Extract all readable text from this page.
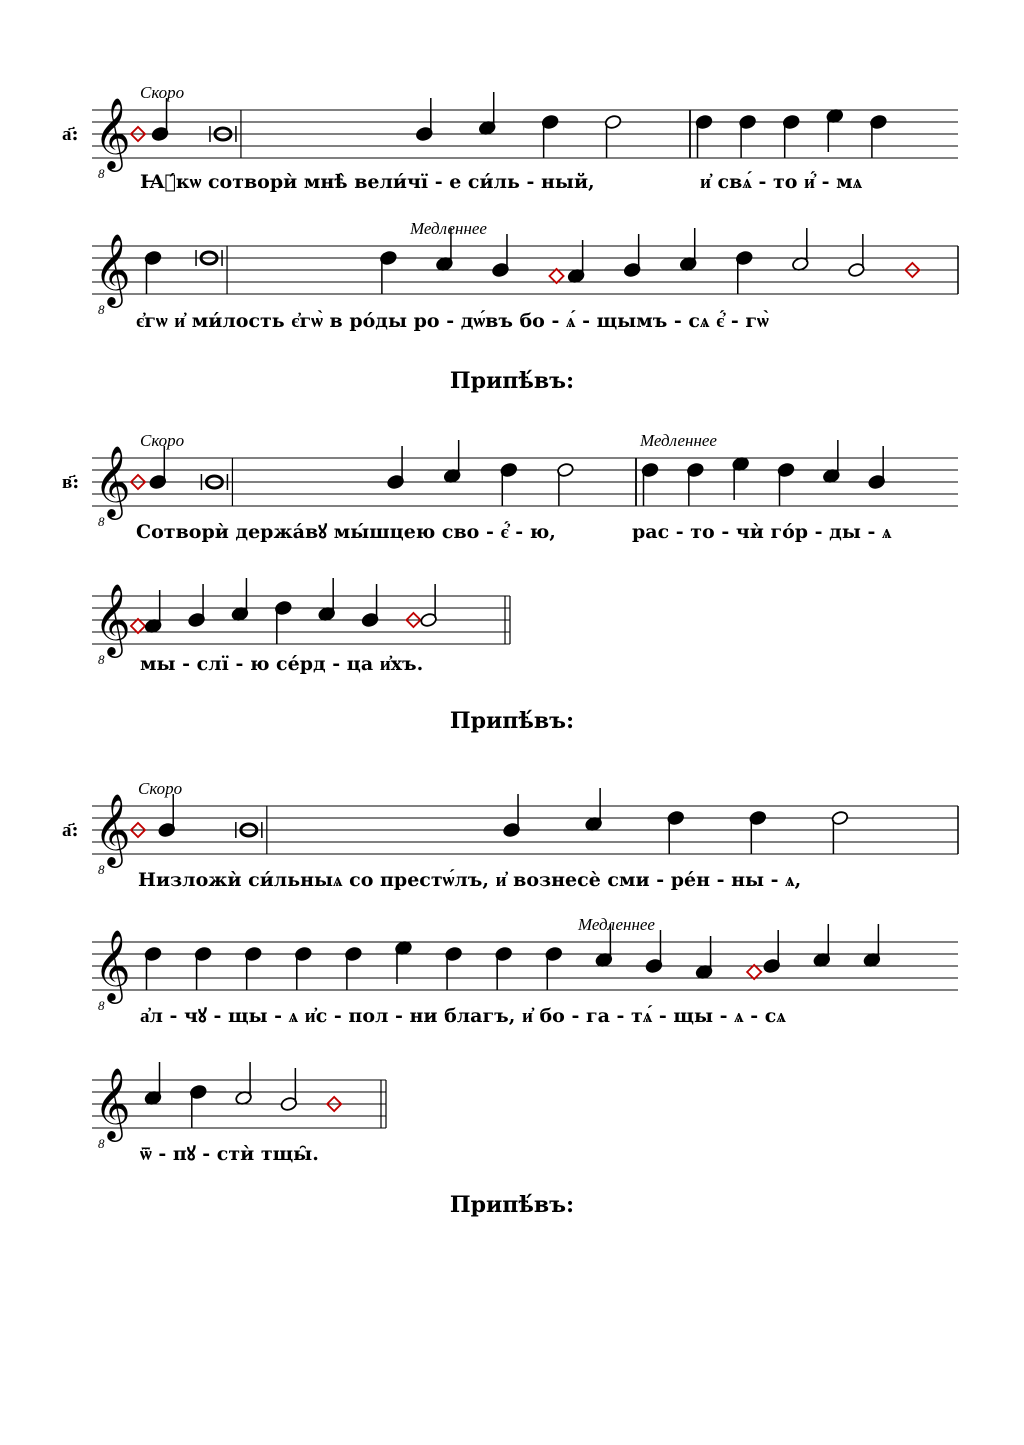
𝄞
8
а҃:
Скоро
Ꙗ҆́кѡ сотворѝ мнѣ̀ вели́чї - е си́ль - ный,	и҆ свѧ́ - то и҆́ - мѧ
𝄞
8
Медленнее
є҆гѡ и҆ ми́лость є҆гѡ̀ в ро́ды ро - дѡ́въ бо - ѧ́ - щымъ - сѧ є҆́ - гѡ̀
𝄞
8
в҃:
Скоро	Медленнее
Сотворѝ держа́вꙋ мы́шцею сво - є҆́ - ю,	рас - то - чѝ го́р - ды - ѧ
𝄞
8 мы - слї - ю се́рд - ца и҆хъ.
𝄞
8
а҃:
Скоро
Низложѝ си́льныѧ со престѡ́лъ, и҆ вознесѐ сми - ре́н - ны - ѧ,
𝄞
8
Медленнее
а҆л - чꙋ - щы - ѧ и҆с - пол - ни благъ, и҆ бо - га - тѧ́ - щы - ѧ - сѧ
𝄞
8 ѿ - пꙋ - стѝ тщы̑.
Припѣ́въ:
Припѣ́въ:
Припѣ́въ:
